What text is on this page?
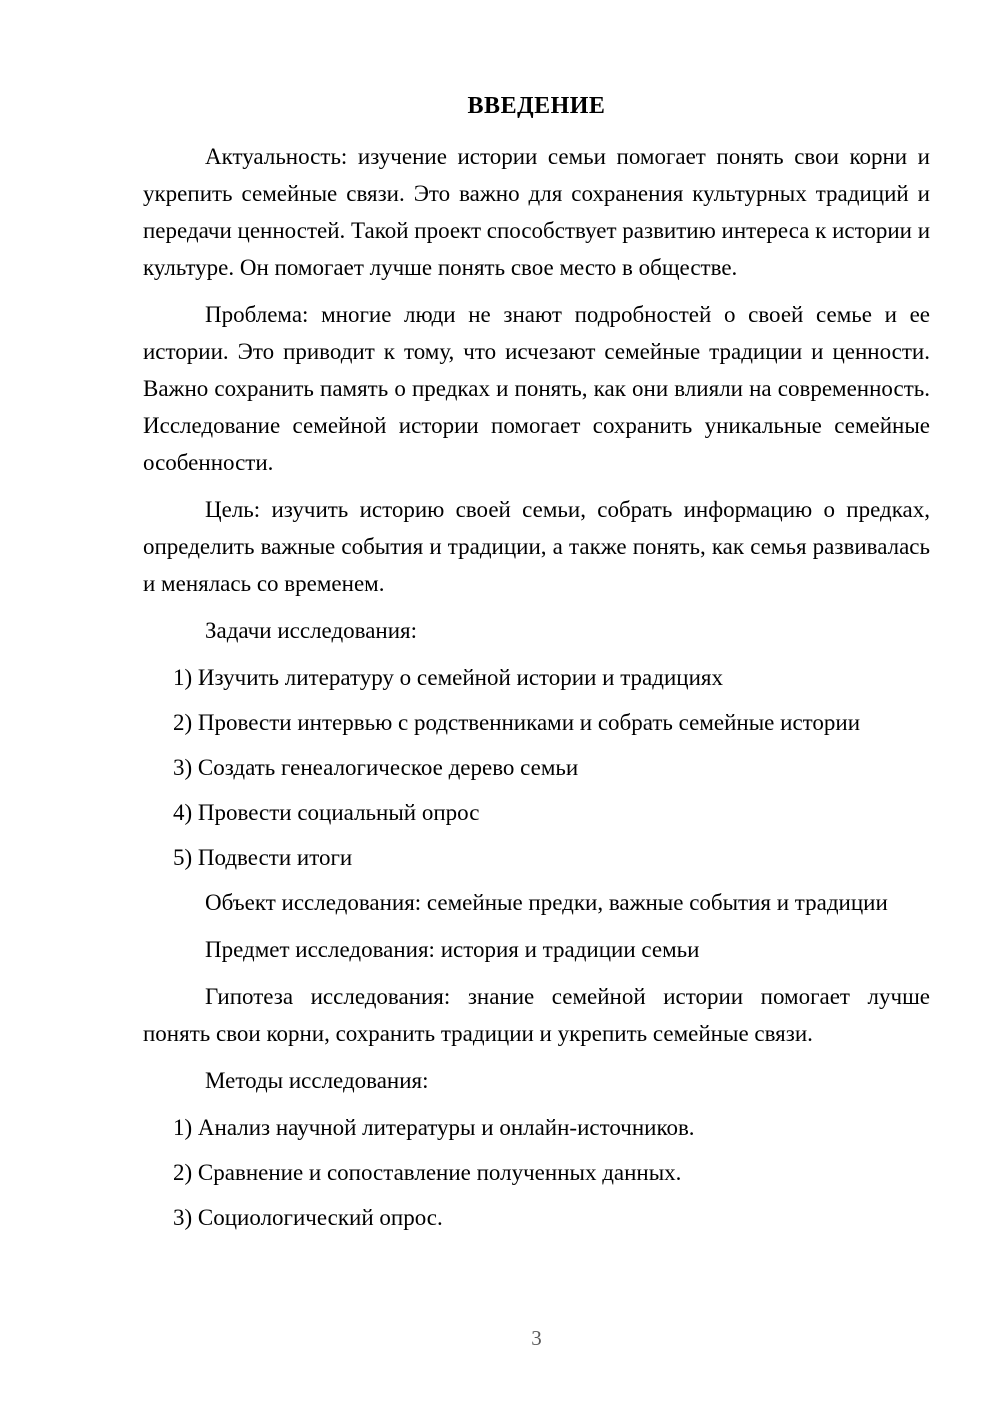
ВВЕДЕНИЕ

Актуальность: изучение истории семьи помогает понять свои корни и укрепить семейные связи. Это важно для сохранения культурных традиций и передачи ценностей. Такой проект способствует развитию интереса к истории и культуре. Он помогает лучше понять свое место в обществе.

Проблема: многие люди не знают подробностей о своей семье и ее истории. Это приводит к тому, что исчезают семейные традиции и ценности. Важно сохранить память о предках и понять, как они влияли на современность. Исследование семейной истории помогает сохранить уникальные семейные особенности.

Цель: изучить историю своей семьи, собрать информацию о предках, определить важные события и традиции, а также понять, как семья развивалась и менялась со временем.

Задачи исследования:

1) Изучить литературу о семейной истории и традициях

2) Провести интервью с родственниками и собрать семейные истории

3) Создать генеалогическое дерево семьи

4) Провести социальный опрос

5) Подвести итоги

Объект исследования: семейные предки, важные события и традиции

Предмет исследования: история и традиции семьи

Гипотеза исследования: знание семейной истории помогает лучше понять свои корни, сохранить традиции и укрепить семейные связи.

Методы исследования:

1) Анализ научной литературы и онлайн-источников.

2) Сравнение и сопоставление полученных данных.

3) Социологический опрос.

3
